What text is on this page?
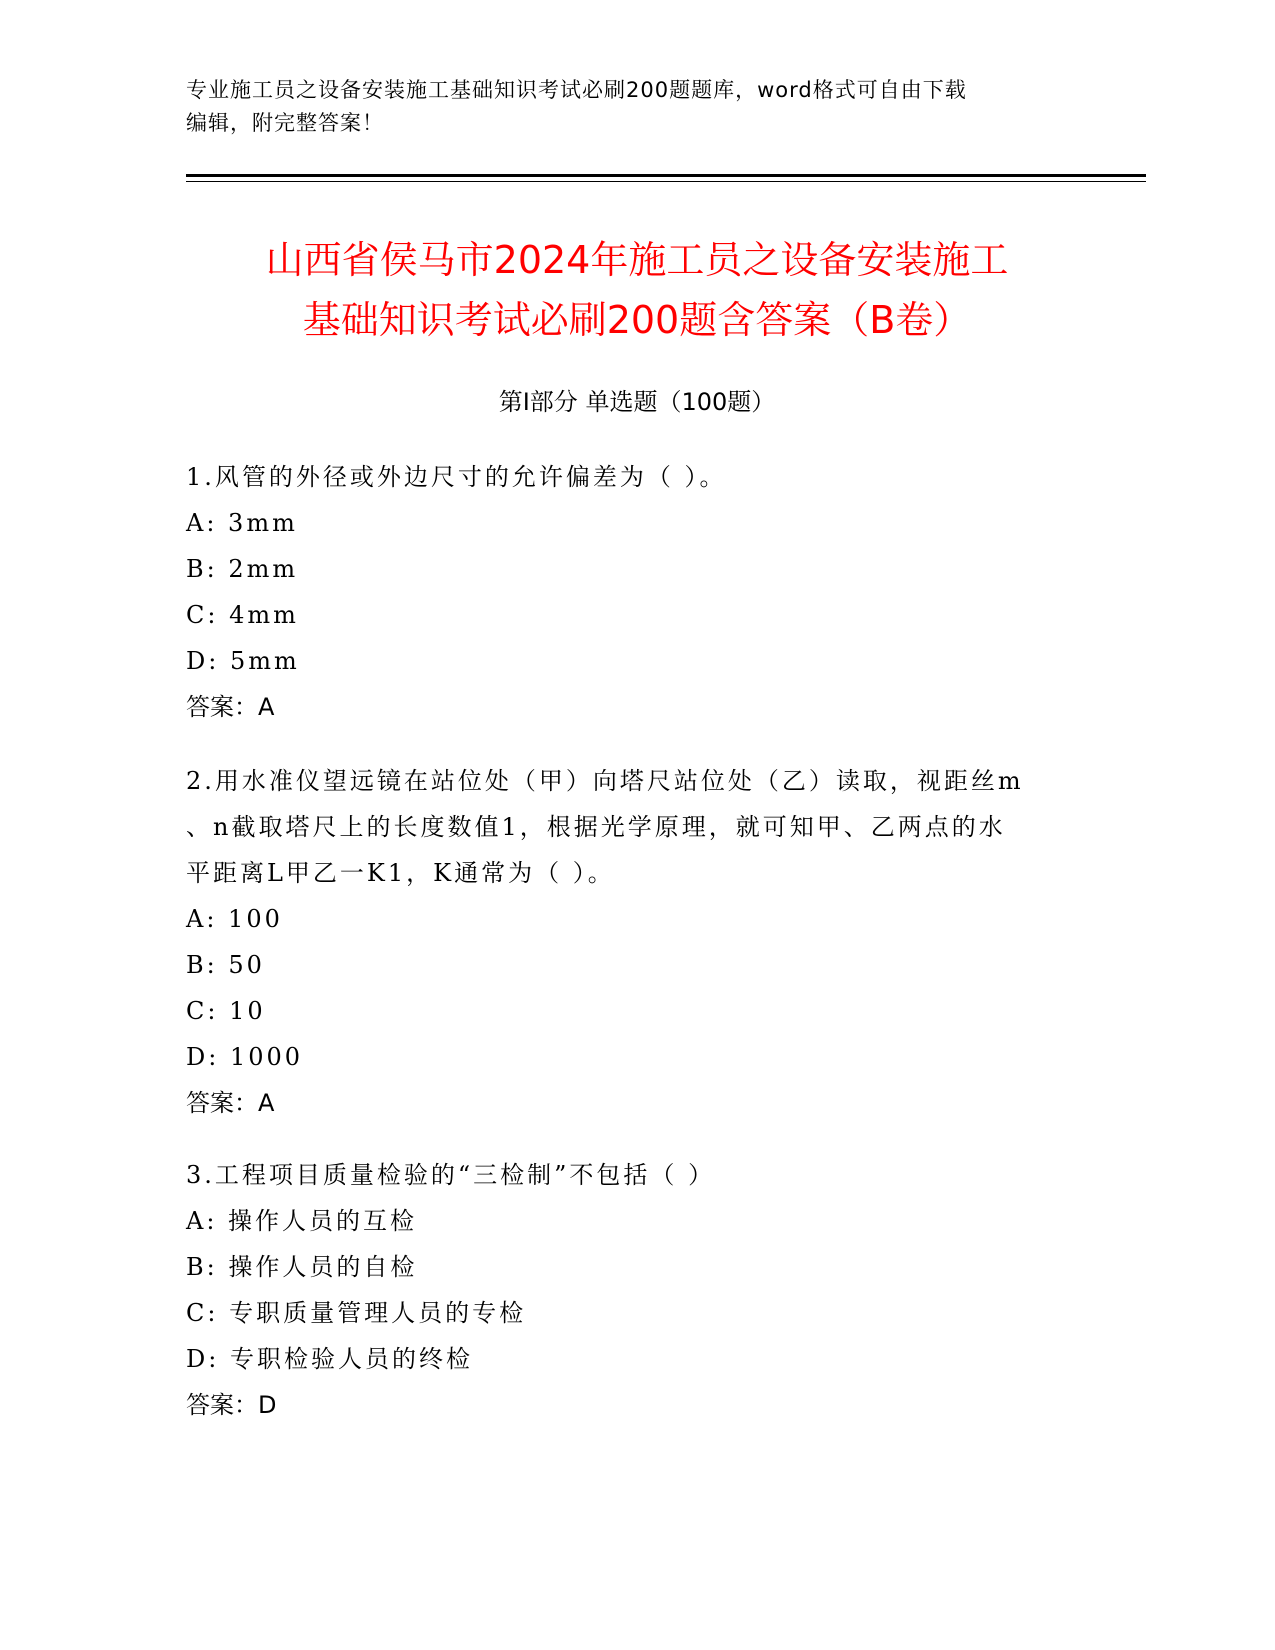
专业施工员之设备安装施工基础知识考试必刷200题题库，word格式可自由下载
编辑，附完整答案！
山西省侯马市2024年施工员之设备安装施工
基础知识考试必刷200题含答案（B卷）
第Ⅰ部分 单选题（100题）
1.风管的外径或外边尺寸的允许偏差为（ ）。
A: 3mm
B: 2mm
C: 4mm
D: 5mm
答案：A
2.用水准仪望远镜在站位处（甲）向塔尺站位处（乙）读取，视距丝m
、n截取塔尺上的长度数值1，根据光学原理，就可知甲、乙两点的水
平距离L甲乙一K1，K通常为（ ）。
A: 100
B: 50
C: 10
D: 1000
答案：A
3.工程项目质量检验的“三检制”不包括（ ）
A: 操作人员的互检
B: 操作人员的自检
C: 专职质量管理人员的专检
D: 专职检验人员的终检
答案：D
